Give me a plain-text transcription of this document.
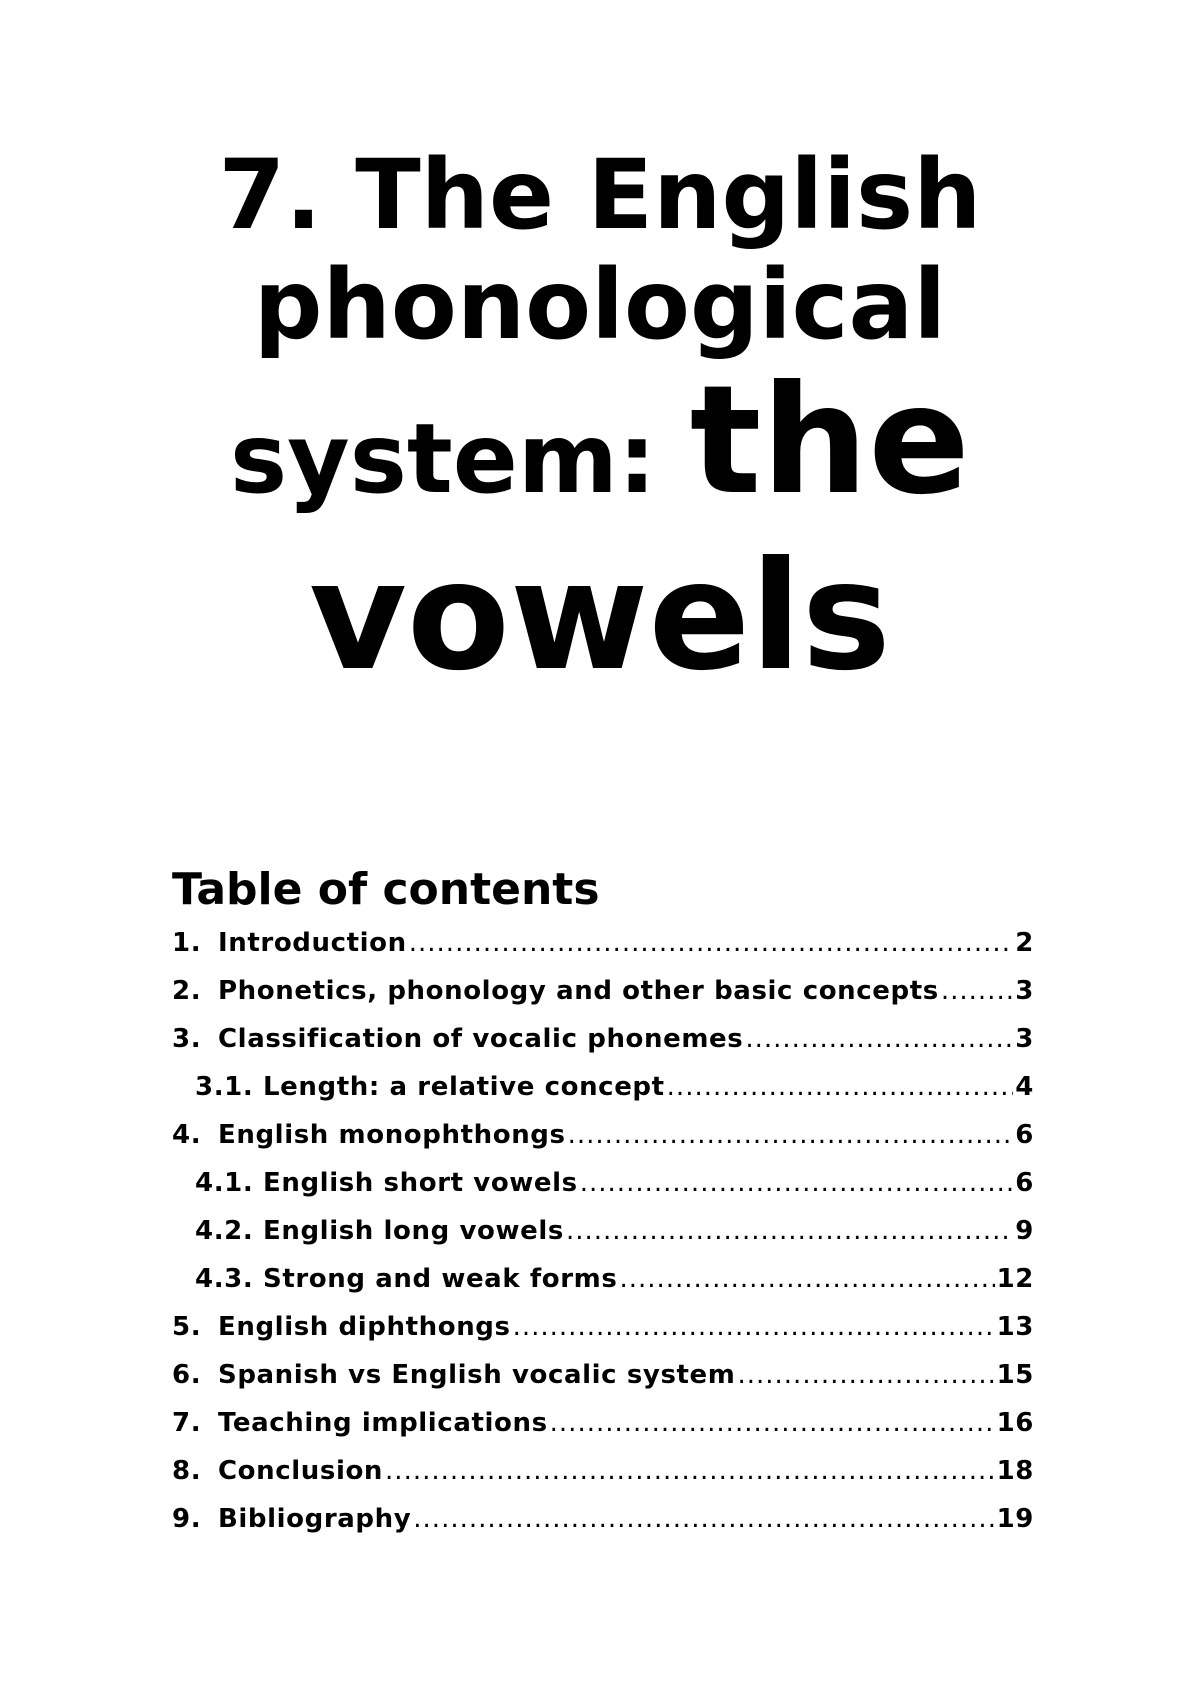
7. The English
phonological
system: the
vowels
Table of contents
1. Introduction .....	2
2. Phonetics, phonology and other basic concepts .....	3
3. Classification of vocalic phonemes .....	3
3.1. Length: a relative concept .....	4
4. English monophthongs .....	6
4.1. English short vowels .....	6
4.2. English long vowels .....	9
4.3. Strong and weak forms .....	12
5. English diphthongs .....	13
6. Spanish vs English vocalic system .....	15
7. Teaching implications .....	16
8. Conclusion .....	18
9. Bibliography .....	19
